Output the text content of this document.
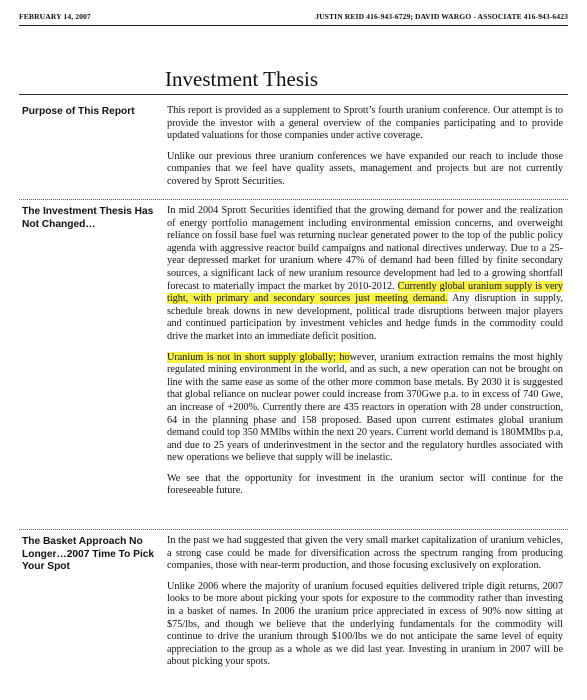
FEBRUARY 14, 2007	JUSTIN REID 416-943-6729; DAVID WARGO - ASSOCIATE 416-943-6423
Investment Thesis
Purpose of This Report	This report is provided as a supplement to Sprott’s fourth uranium conference. Our attempt is to provide the investor with a general overview of the companies participating and to provide updated valuations for those companies under active coverage.

Unlike our previous three uranium conferences we have expanded our reach to include those companies that we feel have quality assets, management and projects but are not currently covered by Sprott Securities.

The Investment Thesis Has Not Changed…

In mid 2004 Sprott Securities identified that the growing demand for power and the realization of energy portfolio management including environmental emission concerns, and overweight reliance on fossil base fuel was returning nuclear generated power to the top of the public policy agenda with aggressive reactor build campaigns and national directives underway. Due to a 25-year depressed market for uranium where 47% of demand had been filled by finite secondary sources, a significant lack of new uranium resource development had led to a growing shortfall forecast to materially impact the market by 2010-2012. Currently global uranium supply is very tight, with primary and secondary sources just meeting demand. Any disruption in supply, schedule break downs in new development, political trade disruptions between major players and continued participation by investment vehicles and hedge funds in the commodity could drive the market into an immediate deficit position.

Uranium is not in short supply globally; however, uranium extraction remains the most highly regulated mining environment in the world, and as such, a new operation can not be brought on line with the same ease as some of the other more common base metals. By 2030 it is suggested that global reliance on nuclear power could increase from 370Gwe p.a. to in excess of 740 Gwe, an increase of +200%. Currently there are 435 reactors in operation with 28 under construction, 64 in the planning phase and 158 proposed. Based upon current estimates global uranium demand could top 350 MMlbs within the next 20 years. Current world demand is 180MMlbs p.a, and due to 25 years of underinvestment in the sector and the regulatory hurdles associated with new operations we believe that supply will be inelastic.

We see that the opportunity for investment in the uranium sector will continue for the foreseeable future.

The Basket Approach No Longer…2007 Time To Pick Your Spot

In the past we had suggested that given the very small market capitalization of uranium vehicles, a strong case could be made for diversification across the spectrum ranging from producing companies, those with near-term production, and those focusing exclusively on exploration.

Unlike 2006 where the majority of uranium focused equities delivered triple digit returns, 2007 looks to be more about picking your spots for exposure to the commodity rather than investing in a basket of names. In 2006 the uranium price appreciated in excess of 90% now sitting at $75/lbs, and though we believe that the underlying fundamentals for the commodity will continue to drive the uranium through $100/lbs we do not anticipate the same level of equity appreciation to the group as a whole as we did last year. Investing in uranium in 2007 will be about picking your spots.
